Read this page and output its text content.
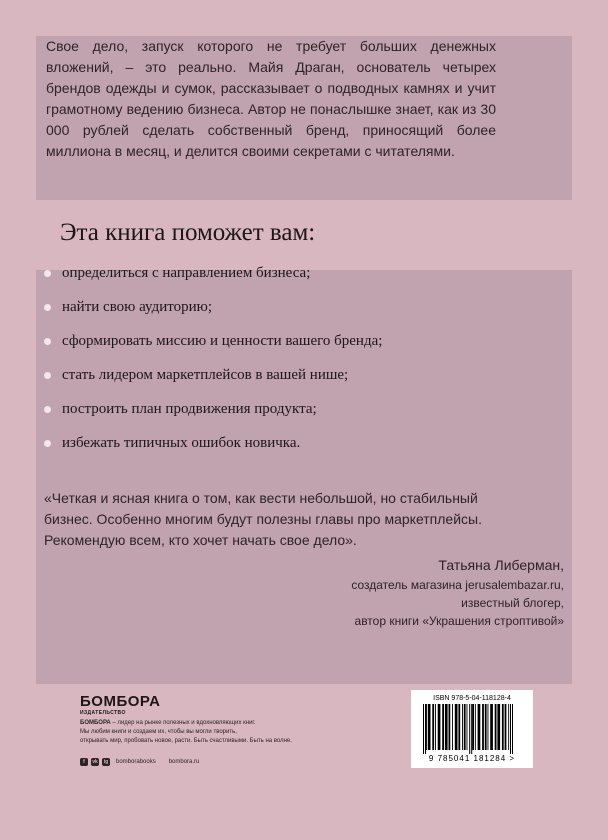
Свое дело, запуск которого не требует больших денежных вложений, – это реально. Майя Драган, основатель четырех брендов одежды и сумок, рассказывает о подводных камнях и учит грамотному ведению бизнеса. Автор не понаслышке знает, как из 30 000 рублей сделать собственный бренд, приносящий более миллиона в месяц, и делится своими секретами с читателями.
Эта книга поможет вам:
определиться с направлением бизнеса;
найти свою аудиторию;
сформировать миссию и ценности вашего бренда;
стать лидером маркетплейсов в вашей нише;
построить план продвижения продукта;
избежать типичных ошибок новичка.
«Четкая и ясная книга о том, как вести небольшой, но стабильный бизнес. Особенно многим будут полезны главы про маркетплейсы. Рекомендую всем, кто хочет начать свое дело».
Татьяна Либерман,
создатель магазина jerusalembazar.ru,
известный блогер,
автор книги «Украшения строптивой»
БОМБОРА
ИЗДАТЕЛЬСТВО
БОМБОРА – лидер на рынке полезных и вдохновляющих книг.
Мы любим книги и создаем их, чтобы вы могли творить,
открывать мир, пробовать новое, расти. Быть счастливыми. Быть на волне.
f	vk	ig bomborabooks bombora.ru
ISBN 978-5-04-118128-4
9 785041 181284 >
